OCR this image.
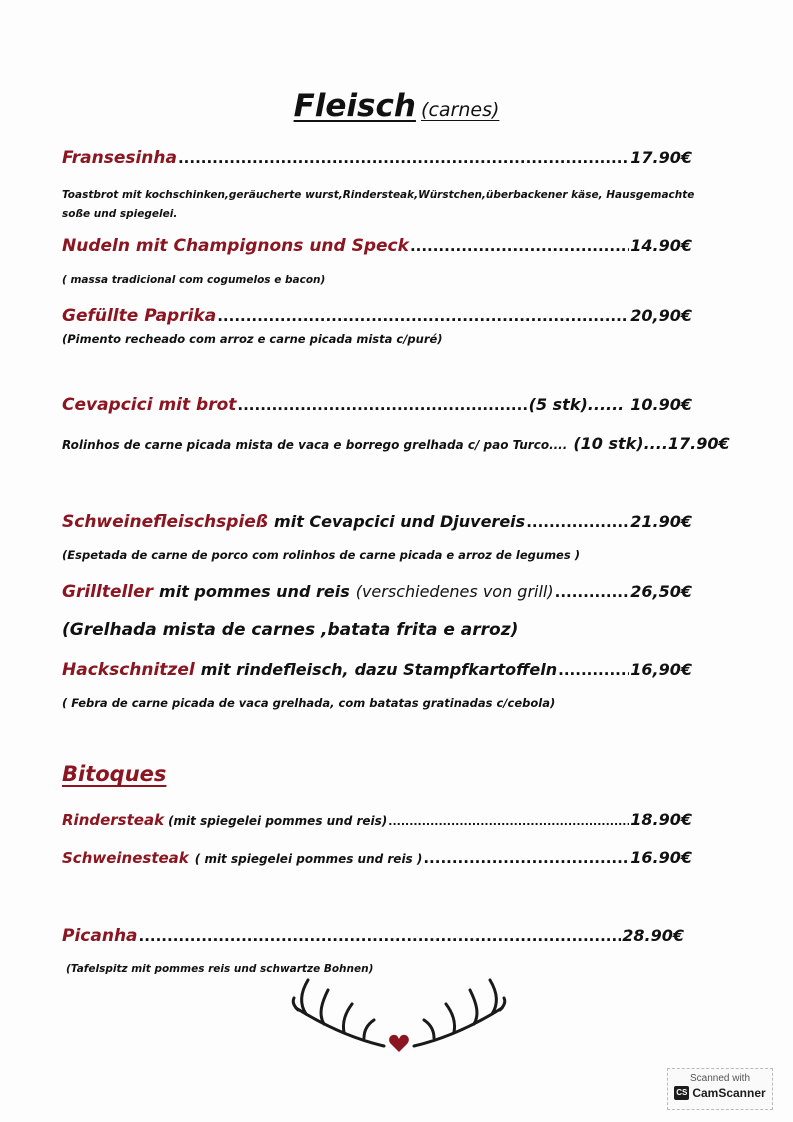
Fleisch (carnes)
Fransesinha .....	17.90€
Toastbrot mit kochschinken,geräucherte wurst,Rindersteak,Würstchen,überbackener käse, Hausgemachte soße und spiegelei.
Nudeln mit Champignons und Speck .....	14.90€
( massa tradicional com cogumelos e bacon)
Gefüllte Paprika .....	20,90€
(Pimento recheado com arroz e carne picada mista c/puré)
Cevapcici mit brot .....	(5 stk)...... 10.90€
Rolinhos de carne picada mista de vaca e borrego grelhada c/ pao Turco.... (10 stk).... 17.90€
Schweinefleischspieß mit Cevapcici und Djuvereis .....	21.90€
(Espetada de carne de porco com rolinhos de carne picada e arroz de legumes )
Grillteller mit pommes und reis (verschiedenes von grill) .....	26,50€
(Grelhada mista de carnes ,batata frita e arroz)
Hackschnitzel mit rindefleisch, dazu Stampfkartoffeln .....	16,90€
( Febra de carne picada de vaca grelhada, com batatas gratinadas c/cebola)
Bitoques
Rindersteak (mit spiegelei pommes und reis) .....	18.90€
Schweinesteak ( mit spiegelei pommes und reis ) .....	16.90€
Picanha .....	28.90€
(Tafelspitz mit pommes reis und schwartze Bohnen)
Scanned with
CS CamScanner
